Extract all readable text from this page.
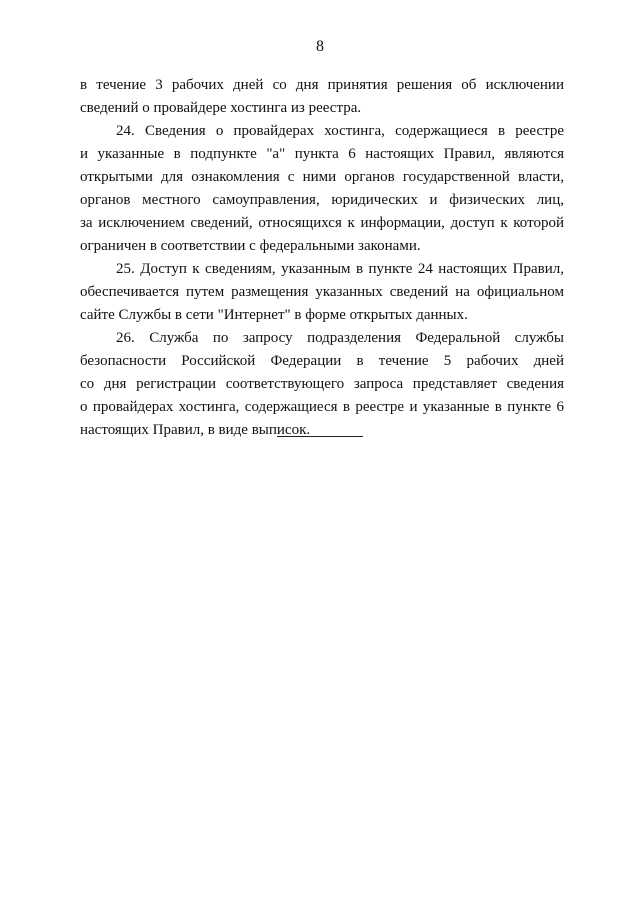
8
в течение 3 рабочих дней со дня принятия решения об исключении
сведений о провайдере хостинга из реестра.
24. Сведения о провайдерах хостинга, содержащиеся в реестре
и указанные в подпункте "а" пункта 6 настоящих Правил, являются
открытыми для ознакомления с ними органов государственной власти,
органов местного самоуправления, юридических и физических лиц,
за исключением сведений, относящихся к информации, доступ к которой
ограничен в соответствии с федеральными законами.
25. Доступ к сведениям, указанным в пункте 24 настоящих Правил,
обеспечивается путем размещения указанных сведений на официальном
сайте Службы в сети "Интернет" в форме открытых данных.
26. Служба по запросу подразделения Федеральной службы
безопасности Российской Федерации в течение 5 рабочих дней
со дня регистрации соответствующего запроса представляет сведения
о провайдерах хостинга, содержащиеся в реестре и указанные в пункте 6
настоящих Правил, в виде выписок.
